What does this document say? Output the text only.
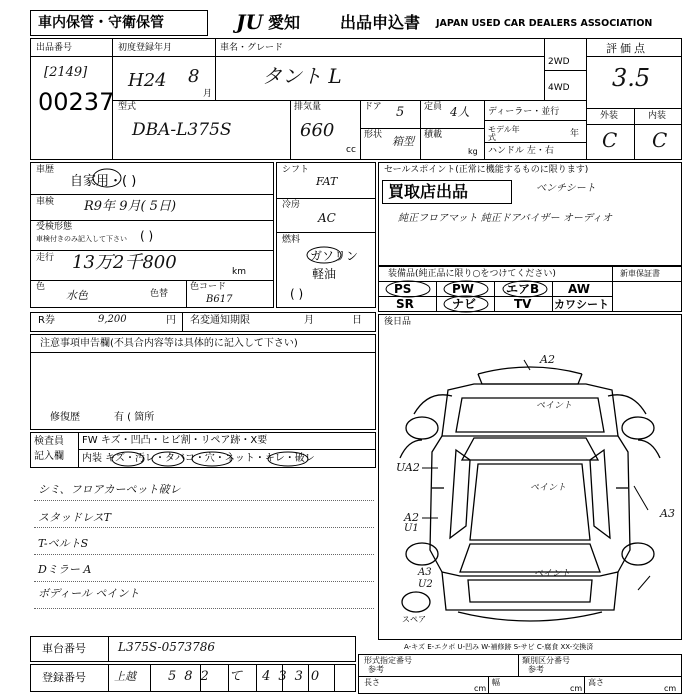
車内保管・守衛保管	JU 愛知 出品申込書 JAPAN USED CAR DEALERS ASSOCIATION
出品番号
[2149]
00237
初度登録年月
H24 8
月
車名・グレード
タント L
2WD
4WD
評価点
3.5
外装	内装
C C
型式
DBA-L375S
排気量
660
cc
ドア 5 定員 4人
形状 箱型 積載
kg
ディーラー・並行
モデル年式	年
ハンドル 左・右
車歴
自家用・( )
車検 R9年 9月( 5日)
受検形態
車検付きのみ記入して下さい ( )
走行 13万2千800	km
色
水色	色替
色コード
B617
シフト
FAT
冷房
AC
燃料
ガソリン
軽油
( )
セールスポイント(正常に機能するものに限ります)
買取店出品	ベンチシート
純正フロアマット 純正ドアバイザー オーディオ
装備品(純正品に限り○をつけてください)	新車保証書
PS	PW	エアB AW
SR	ナビ	TV カワシート
R券	9,200	円 名変通知期限	月	日 後日品
注意事項申告欄(不具合内容等は具体的に記入して下さい)
修復歴	有 ( 箇所
検査員
記入欄
FW キズ・凹凸・ヒビ割・リペア跡・X要
内装 キズ・汚レ・タバコ・穴・ネット・キレ・破レ
シミ、フロアカーペット破レ
スタッドレスT
T-ベルトS
Dミラー A
ボディール ペイント
A2
ペイント
UA2
A2
U1
A3
U2
A3
ペイント
ペイント
スペア
A-キズ E-エクボ U-凹み W-補修跡 S-サビ C-腐食 XX-交換済
車台番号	L375S-0573786
登録番号	上越 582 て 4330
形式指定番号
参考
類別区分番号
参考
長さ
cm
幅
cm
高さ
cm
